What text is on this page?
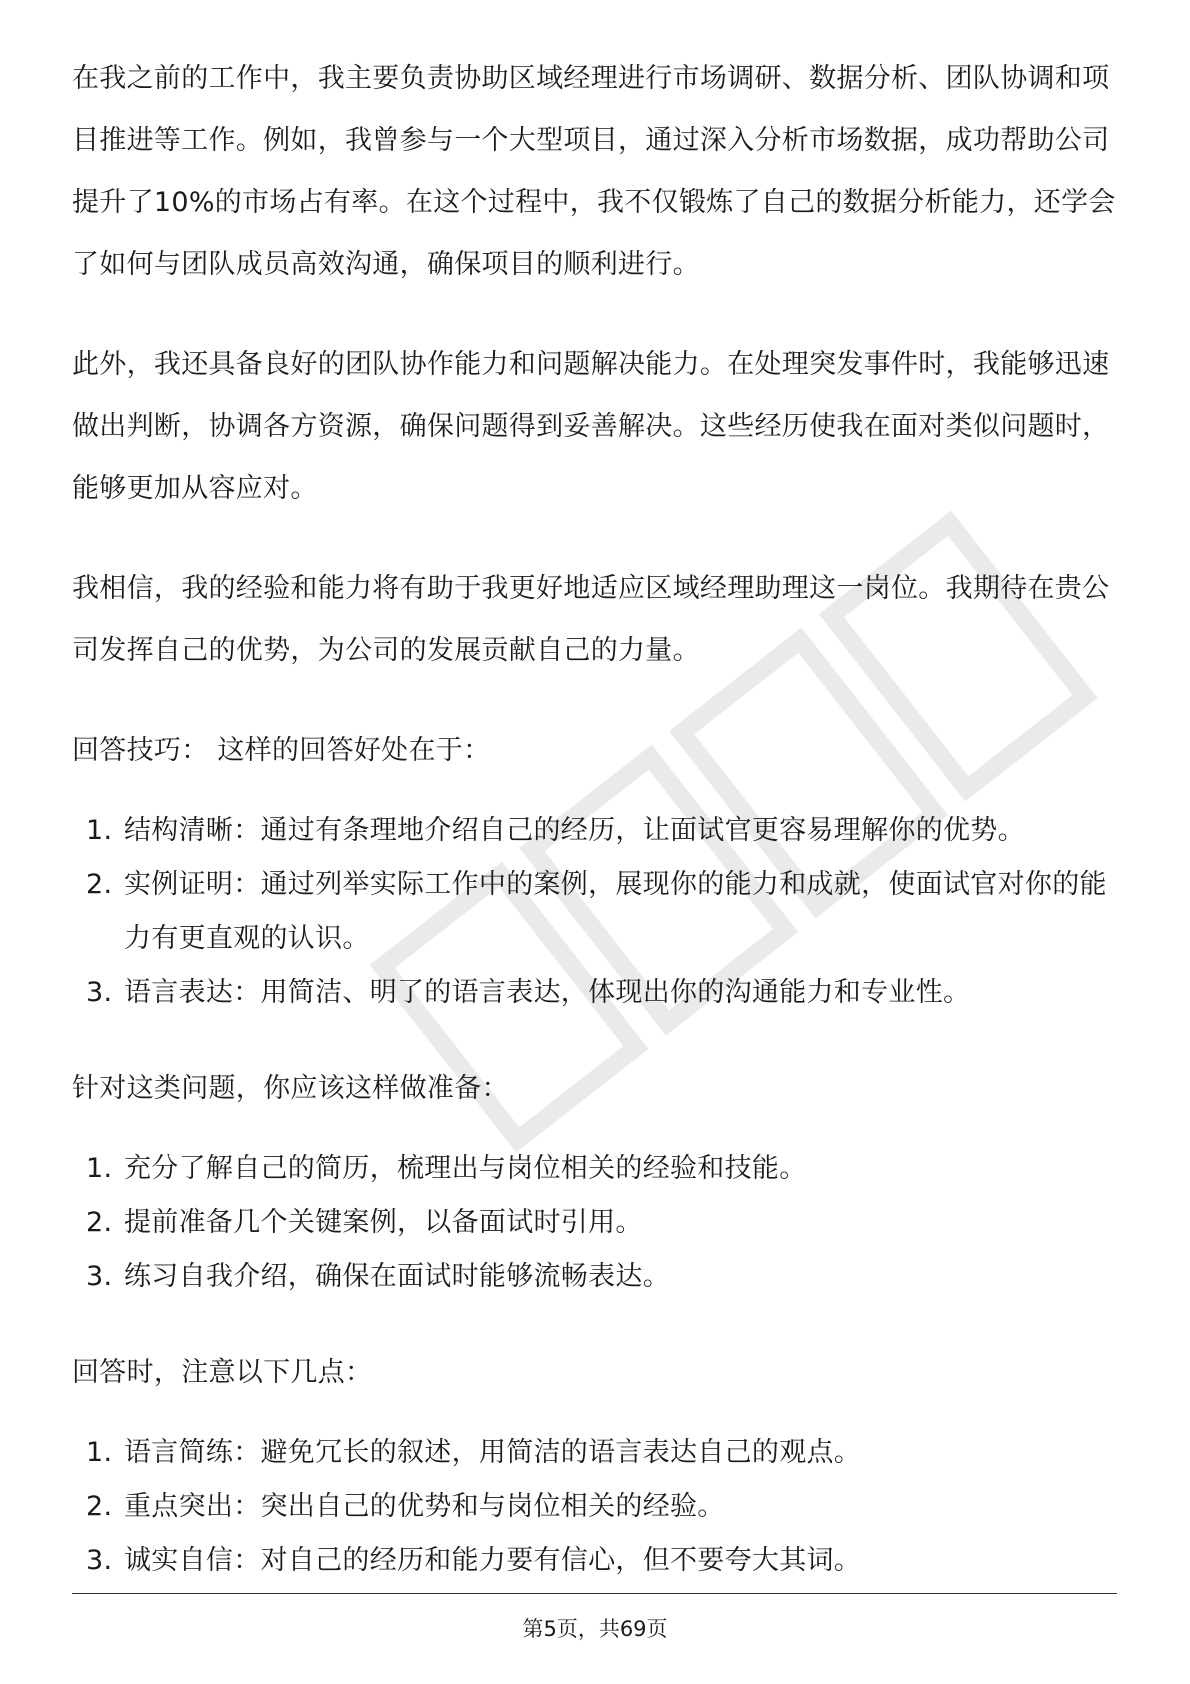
在我之前的工作中，我主要负责协助区域经理进行市场调研、数据分析、团队协调和项目推进等工作。例如，我曾参与一个大型项目，通过深入分析市场数据，成功帮助公司提升了10%的市场占有率。在这个过程中，我不仅锻炼了自己的数据分析能力，还学会了如何与团队成员高效沟通，确保项目的顺利进行。

此外，我还具备良好的团队协作能力和问题解决能力。在处理突发事件时，我能够迅速做出判断，协调各方资源，确保问题得到妥善解决。这些经历使我在面对类似问题时，能够更加从容应对。

我相信，我的经验和能力将有助于我更好地适应区域经理助理这一岗位。我期待在贵公司发挥自己的优势，为公司的发展贡献自己的力量。

回答技巧： 这样的回答好处在于：

1. 结构清晰：通过有条理地介绍自己的经历，让面试官更容易理解你的优势。
2. 实例证明：通过列举实际工作中的案例，展现你的能力和成就，使面试官对你的能力有更直观的认识。
3. 语言表达：用简洁、明了的语言表达，体现出你的沟通能力和专业性。

针对这类问题，你应该这样做准备：

1. 充分了解自己的简历，梳理出与岗位相关的经验和技能。
2. 提前准备几个关键案例，以备面试时引用。
3. 练习自我介绍，确保在面试时能够流畅表达。

回答时，注意以下几点：

1. 语言简练：避免冗长的叙述，用简洁的语言表达自己的观点。
2. 重点突出：突出自己的优势和与岗位相关的经验。
3. 诚实自信：对自己的经历和能力要有信心，但不要夸大其词。
第5页，共69页
